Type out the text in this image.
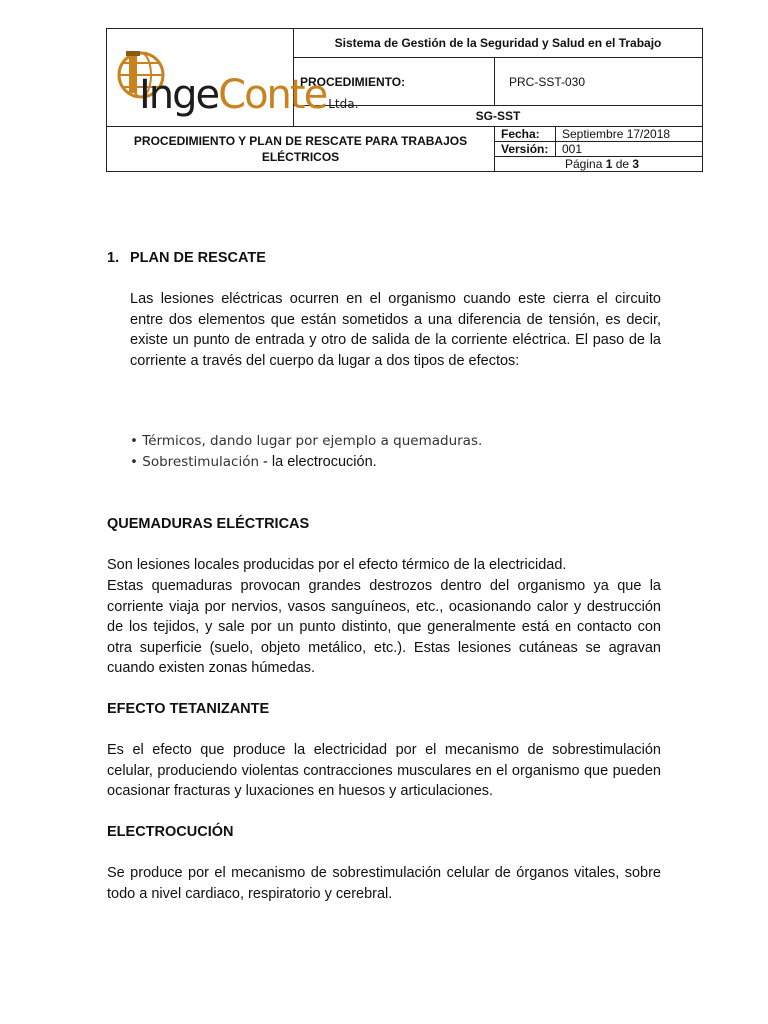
IngeConte Ltda.	Sistema de Gestión de la Seguridad y Salud en el Trabajo		
	PROCEDIMIENTO:	PRC-SST-030	
	SG-SST		
PROCEDIMIENTO Y PLAN DE RESCATE PARA TRABAJOS ELÉCTRICOS		Fecha:	Septiembre 17/2018
		Versión:	001
		Página 1 de 3	

1. PLAN DE RESCATE

Las lesiones eléctricas ocurren en el organismo cuando este cierra el circuito entre dos elementos que están sometidos a una diferencia de tensión, es decir, existe un punto de entrada y otro de salida de la corriente eléctrica. El paso de la corriente a través del cuerpo da lugar a dos tipos de efectos:

• Térmicos, dando lugar por ejemplo a quemaduras.
• Sobrestimulación - la electrocución.

QUEMADURAS ELÉCTRICAS

Son lesiones locales producidas por el efecto térmico de la electricidad.

Estas quemaduras provocan grandes destrozos dentro del organismo ya que la corriente viaja por nervios, vasos sanguíneos, etc., ocasionando calor y destrucción de los tejidos, y sale por un punto distinto, que generalmente está en contacto con otra superficie (suelo, objeto metálico, etc.). Estas lesiones cutáneas se agravan cuando existen zonas húmedas.

EFECTO TETANIZANTE

Es el efecto que produce la electricidad por el mecanismo de sobrestimulación celular, produciendo violentas contracciones musculares en el organismo que pueden ocasionar fracturas y luxaciones en huesos y articulaciones.

ELECTROCUCIÓN

Se produce por el mecanismo de sobrestimulación celular de órganos vitales, sobre todo a nivel cardiaco, respiratorio y cerebral.
